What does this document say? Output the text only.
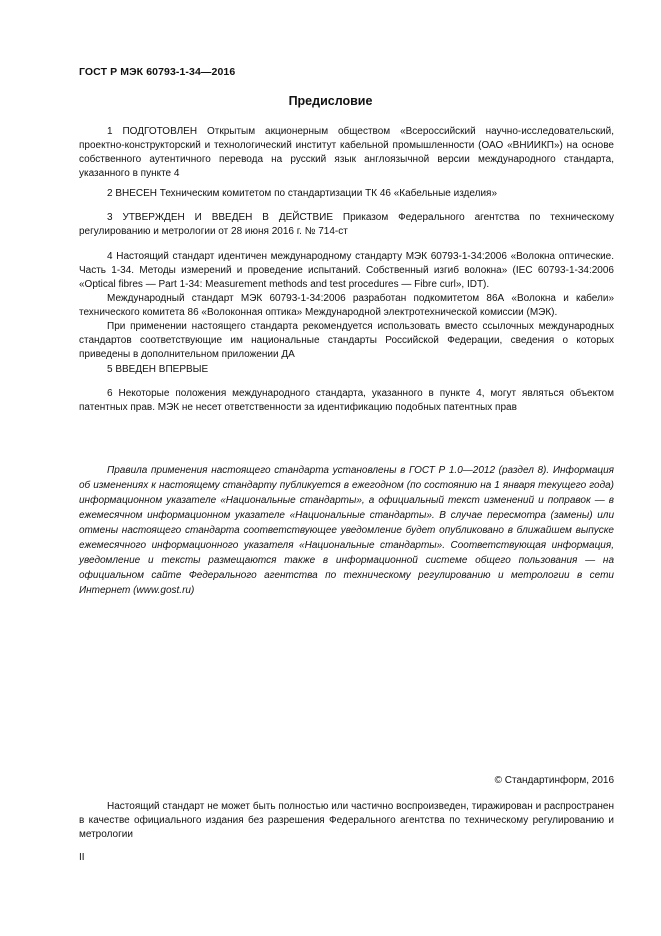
ГОСТ Р МЭК 60793-1-34—2016
Предисловие

1 ПОДГОТОВЛЕН Открытым акционерным обществом «Всероссийский научно-исследовательский, проектно-конструкторский и технологический институт кабельной промышленности (ОАО «ВНИИКП») на основе собственного аутентичного перевода на русский язык англоязычной версии международного стандарта, указанного в пункте 4

2 ВНЕСЕН Техническим комитетом по стандартизации ТК 46 «Кабельные изделия»

3 УТВЕРЖДЕН И ВВЕДЕН В ДЕЙСТВИЕ Приказом Федерального агентства по техническому регулированию и метрологии от 28 июня 2016 г. № 714-ст

4 Настоящий стандарт идентичен международному стандарту МЭК 60793-1-34:2006 «Волокна оптические. Часть 1-34. Методы измерений и проведение испытаний. Собственный изгиб волокна» (IEC 60793-1-34:2006 «Optical fibres — Part 1-34: Measurement methods and test procedures — Fibre curl», IDT).

Международный стандарт МЭК 60793-1-34:2006 разработан подкомитетом 86А «Волокна и кабели» технического комитета 86 «Волоконная оптика» Международной электротехнической комиссии (МЭК).

При применении настоящего стандарта рекомендуется использовать вместо ссылочных международных стандартов соответствующие им национальные стандарты Российской Федерации, сведения о которых приведены в дополнительном приложении ДА

5 ВВЕДЕН ВПЕРВЫЕ

6 Некоторые положения международного стандарта, указанного в пункте 4, могут являться объектом патентных прав. МЭК не несет ответственности за идентификацию подобных патентных прав

Правила применения настоящего стандарта установлены в ГОСТ Р 1.0—2012 (раздел 8). Информация об изменениях к настоящему стандарту публикуется в ежегодном (по состоянию на 1 января текущего года) информационном указателе «Национальные стандарты», а официальный текст изменений и поправок — в ежемесячном информационном указателе «Национальные стандарты». В случае пересмотра (замены) или отмены настоящего стандарта соответствующее уведомление будет опубликовано в ближайшем выпуске ежемесячного информационного указателя «Национальные стандарты». Соответствующая информация, уведомление и тексты размещаются также в информационной системе общего пользования — на официальном сайте Федерального агентства по техническому регулированию и метрологии в сети Интернет (www.gost.ru)

© Стандартинформ, 2016

Настоящий стандарт не может быть полностью или частично воспроизведен, тиражирован и распространен в качестве официального издания без разрешения Федерального агентства по техническому регулированию и метрологии

II
